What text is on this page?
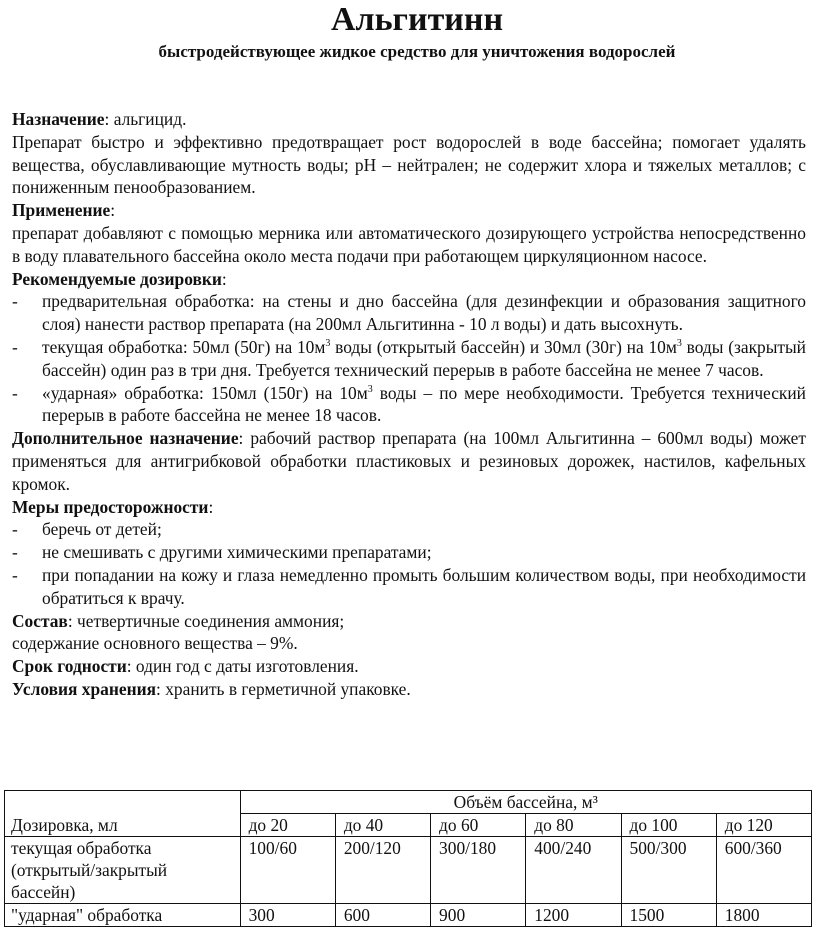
Альгитинн
быстродействующее жидкое средство для уничтожения водорослей

Назначение: альгицид.

Препарат быстро и эффективно предотвращает рост водорослей в воде бассейна; помогает удалять вещества, обуславливающие мутность воды; pH – нейтрален; не содержит хлора и тяжелых металлов; с пониженным пенообразованием.

Применение:

препарат добавляют с помощью мерника или автоматического дозирующего устройства непосредственно в воду плавательного бассейна около места подачи при работающем циркуляционном насосе.

Рекомендуемые дозировки:

- предварительная обработка: на стены и дно бассейна (для дезинфекции и образования защитного слоя) нанести раствор препарата (на 200мл Альгитинна - 10 л воды) и дать высохнуть.
- текущая обработка: 50мл (50г) на $10м^3$ воды (открытый бассейн) и 30мл (30г) на $10м^3$ воды (закрытый бассейн) один раз в три дня. Требуется технический перерыв в работе бассейна не менее 7 часов.
- «ударная» обработка: 150мл (150г) на $10м^3$ воды – по мере необходимости. Требуется технический перерыв в работе бассейна не менее 18 часов.

Дополнительное назначение: рабочий раствор препарата (на 100мл Альгитинна – 600мл воды) может применяться для антигрибковой обработки пластиковых и резиновых дорожек, настилов, кафельных кромок.

Меры предосторожности:

- беречь от детей;
- не смешивать с другими химическими препаратами;
- при попадании на кожу и глаза немедленно промыть большим количеством воды, при необходимости обратиться к врачу.

Состав: четвертичные соединения аммония;

содержание основного вещества – 9%.

Срок годности: один год с даты изготовления.

Условия хранения: хранить в герметичной упаковке.

Дозировка, мл	Объём бассейна, м³					
	до 20	до 40	до 60	до 80	до 100	до 120
текущая обработка (открытый/закрытый бассейн)	100/60	200/120	300/180	400/240	500/300	600/360
"ударная" обработка	300	600	900	1200	1500	1800
